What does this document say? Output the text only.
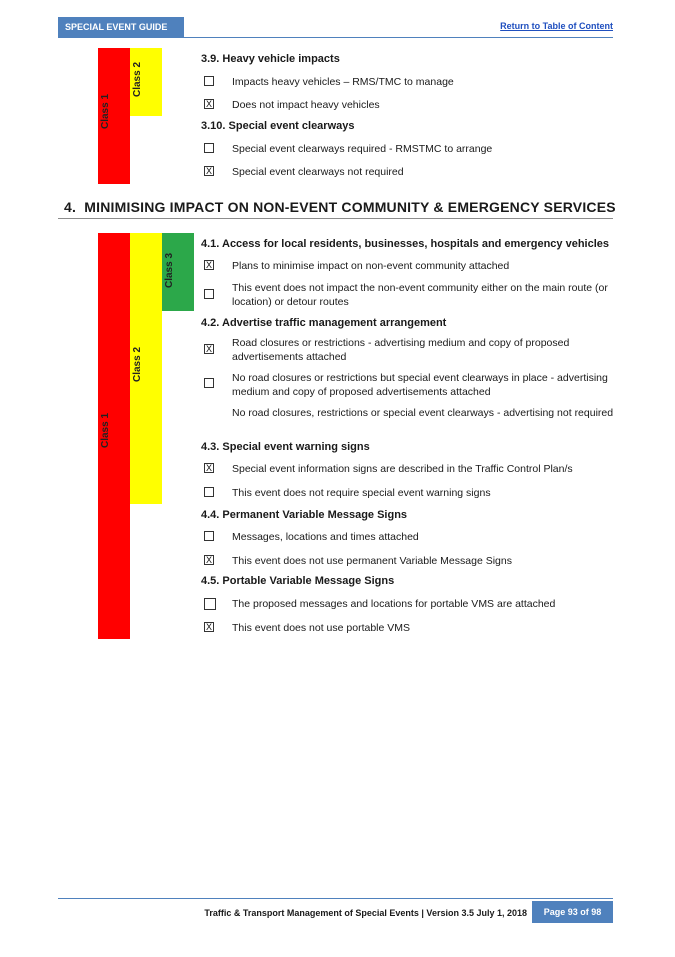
SPECIAL EVENT GUIDE	Return to Table of Content
Class 1
Class 2
3.9. Heavy vehicle impacts
Impacts heavy vehicles – RMS/TMC to manage
X Does not impact heavy vehicles
3.10. Special event clearways
Special event clearways required - RMSTMC to arrange
X Special event clearways not required
4. MINIMISING IMPACT ON NON-EVENT COMMUNITY & EMERGENCY SERVICES
Class 1
Class 2
Class 3
4.1. Access for local residents, businesses, hospitals and emergency vehicles
X Plans to minimise impact on non-event community attached
This event does not impact the non-event community either on the main route (or location) or detour routes
4.2. Advertise traffic management arrangement
X Road closures or restrictions - advertising medium and copy of proposed advertisements attached
No road closures or restrictions but special event clearways in place - advertising medium and copy of proposed advertisements attached
No road closures, restrictions or special event clearways - advertising not required
4.3. Special event warning signs
X Special event information signs are described in the Traffic Control Plan/s
This event does not require special event warning signs
4.4. Permanent Variable Message Signs
Messages, locations and times attached
X This event does not use permanent Variable Message Signs
4.5. Portable Variable Message Signs
The proposed messages and locations for portable VMS are attached
X This event does not use portable VMS
Traffic & Transport Management of Special Events | Version 3.5 July 1, 2018	Page 93 of 98
